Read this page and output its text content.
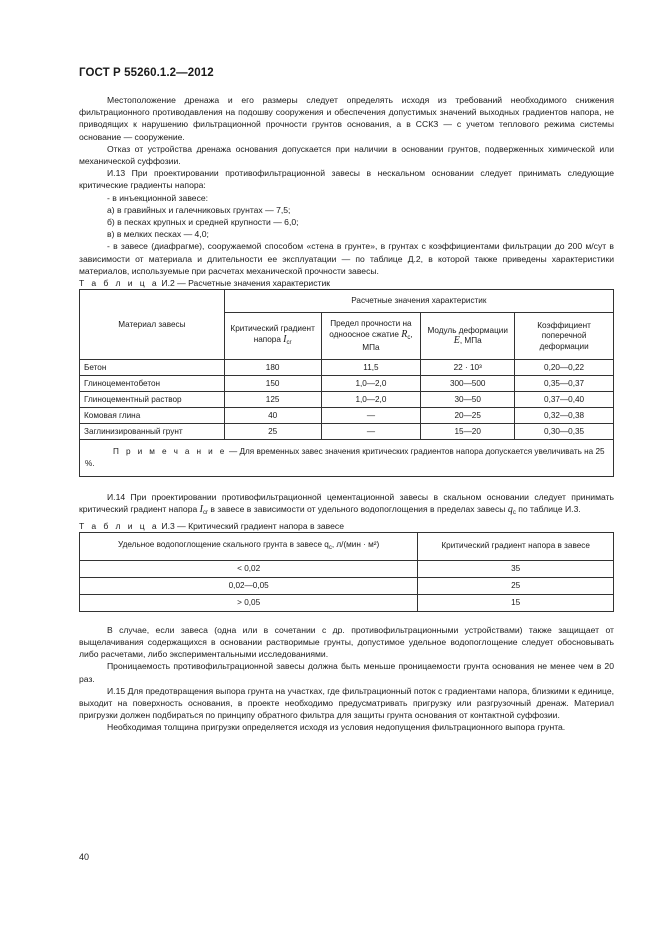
ГОСТ Р 55260.1.2—2012

Местоположение дренажа и его размеры следует определять исходя из требований необходимого снижения фильтрационного противодавления на подошву сооружения и обеспечения допустимых значений выходных градиентов напора, не приводящих к нарушению фильтрационной прочности грунтов основания, а в ССКЗ — с учетом теплового режима системы основание — сооружение.

Отказ от устройства дренажа основания допускается при наличии в основании грунтов, подверженных химической или механической суффозии.

И.13 При проектировании противофильтрационной завесы в нескальном основании следует принимать следующие критические градиенты напора:

- в инъекционной завесе:

а) в гравийных и галечниковых грунтах — 7,5;

б) в песках крупных и средней крупности — 6,0;

в) в мелких песках — 4,0;

- в завесе (диафрагме), сооружаемой способом «стена в грунте», в грунтах с коэффициентами фильтрации до 200 м/сут в зависимости от материала и длительности ее эксплуатации — по таблице Д.2, в которой также приведены характеристики материалов, используемые при расчетах механической прочности завесы.

Т а б л и ц а И.2 — Расчетные значения характеристик

Материал завесы	Расчетные значения характеристик			
	Критический градиент напора $I_{cr}$	Предел прочности на одноосное сжатие $R_c$, МПа	Модуль деформации E, МПа	Коэффициент поперечной деформации
Бетон	180	11,5	22 · 10³	0,20—0,22
Глиноцементобетон	150	1,0—2,0	300—500	0,35—0,37
Глиноцементный раствор	125	1,0—2,0	30—50	0,37—0,40
Комовая глина	40	—	20—25	0,32—0,38
Заглинизированный грунт	25	—	15—20	0,30—0,35
П р и м е ч а н и е — Для временных завес значения критических градиентов напора допускается увеличивать на 25 %.				

И.14 При проектировании противофильтрационной цементационной завесы в скальном основании следует принимать критический градиент напора $I_{cr}$ в завесе в зависимости от удельного водопоглощения в пределах завесы $q_c$ по таблице И.3.

Т а б л и ц а И.3 — Критический градиент напора в завесе

Удельное водопоглощение скального грунта в завесе $q_c$, л/(мин · м²)	Критический градиент напора в завесе
< 0,02	35
0,02—0,05	25
> 0,05	15

В случае, если завеса (одна или в сочетании с др. противофильтрационными устройствами) также защищает от выщелачивания содержащихся в основании растворимые грунты, допустимое удельное водопоглощение следует обосновывать либо расчетами, либо экспериментальными исследованиями.

Проницаемость противофильтрационной завесы должна быть меньше проницаемости грунта основания не менее чем в 20 раз.

И.15 Для предотвращения выпора грунта на участках, где фильтрационный поток с градиентами напора, близкими к единице, выходит на поверхность основания, в проекте необходимо предусматривать пригрузку или разгрузочный дренаж. Материал пригрузки должен подбираться по принципу обратного фильтра для защиты грунта основания от контактной суффозии.

Необходимая толщина пригрузки определяется исходя из условия недопущения фильтрационного выпора грунта.

40
